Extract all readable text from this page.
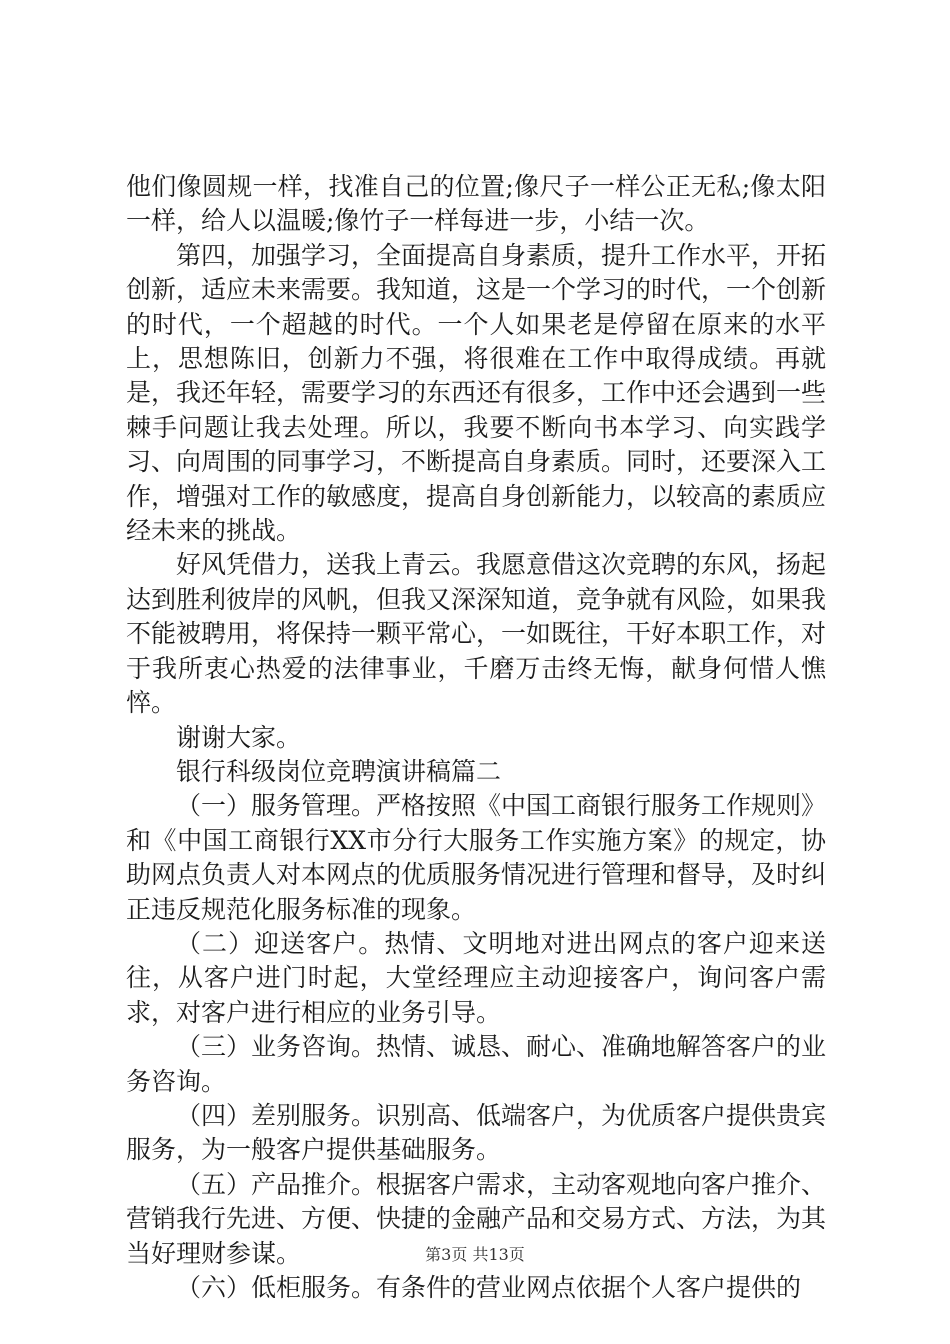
他们像圆规一样，找准自己的位置;像尺子一样公正无私;像太阳一样，给人以温暖;像竹子一样每进一步，小结一次。

第四，加强学习，全面提高自身素质，提升工作水平，开拓创新，适应未来需要。我知道，这是一个学习的时代，一个创新的时代，一个超越的时代。一个人如果老是停留在原来的水平上，思想陈旧，创新力不强，将很难在工作中取得成绩。再就是，我还年轻，需要学习的东西还有很多，工作中还会遇到一些棘手问题让我去处理。所以，我要不断向书本学习、向实践学习、向周围的同事学习，不断提高自身素质。同时，还要深入工作，增强对工作的敏感度，提高自身创新能力，以较高的素质应经未来的挑战。

好风凭借力，送我上青云。我愿意借这次竞聘的东风，扬起达到胜利彼岸的风帆，但我又深深知道，竞争就有风险，如果我不能被聘用，将保持一颗平常心，一如既往，干好本职工作，对于我所衷心热爱的法律事业，千磨万击终无悔，献身何惜人憔悴。

谢谢大家。

银行科级岗位竞聘演讲稿篇二

（一）服务管理。严格按照《中国工商银行服务工作规则》和《中国工商银行XX市分行大服务工作实施方案》的规定，协助网点负责人对本网点的优质服务情况进行管理和督导，及时纠正违反规范化服务标准的现象。

（二）迎送客户。热情、文明地对进出网点的客户迎来送往，从客户进门时起，大堂经理应主动迎接客户，询问客户需求，对客户进行相应的业务引导。

（三）业务咨询。热情、诚恳、耐心、准确地解答客户的业务咨询。

（四）差别服务。识别高、低端客户，为优质客户提供贵宾服务，为一般客户提供基础服务。

（五）产品推介。根据客户需求，主动客观地向客户推介、营销我行先进、方便、快捷的金融产品和交易方式、方法，为其当好理财参谋。

（六）低柜服务。有条件的营业网点依据个人客户提供的

第3页 共13页
